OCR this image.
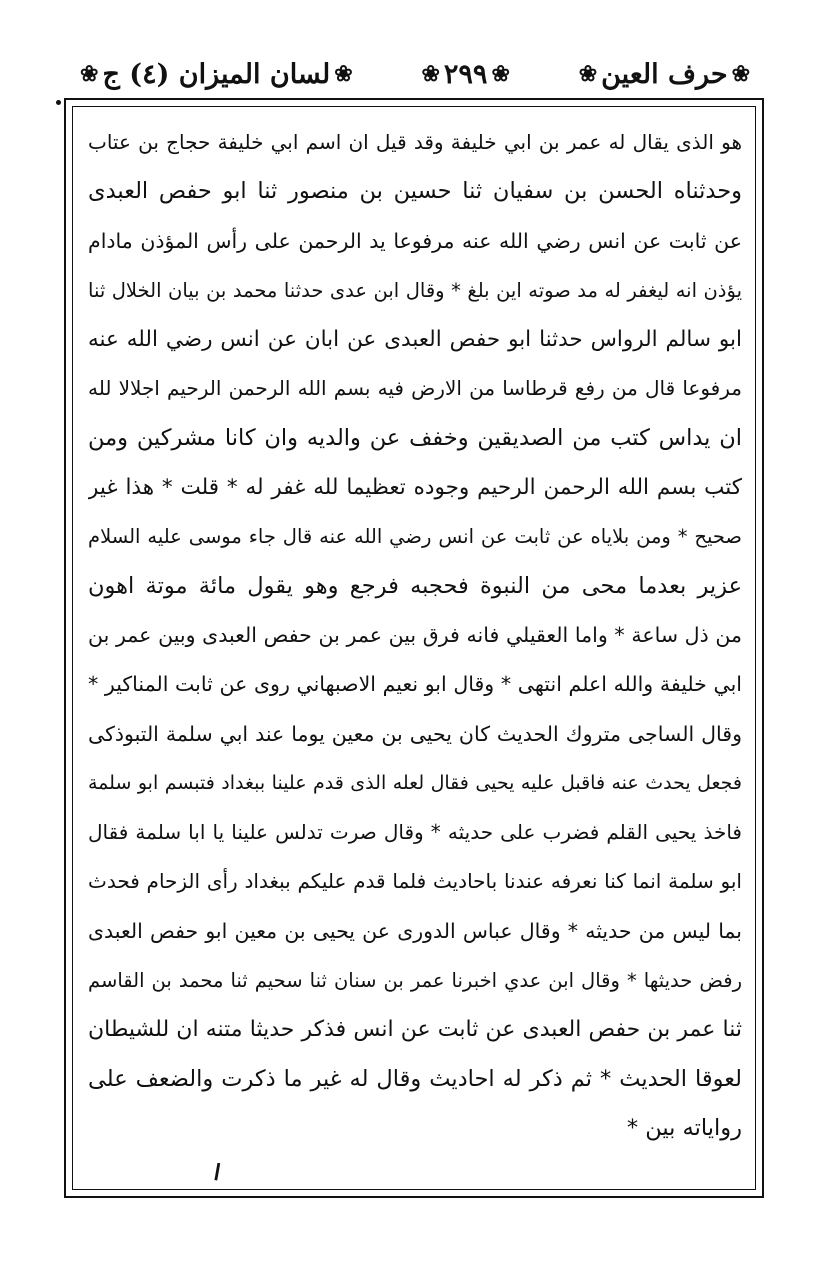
❀
حرف العين
❀
❀
٢٩٩
❀
❀
لسان الميزان (٤) ج
❀
هو الذى يقال له عمر بن ابي خليفة وقد قيل ان اسم ابي خليفة حجاج بن عتاب
وحدثناه الحسن بن سفيان ثنا حسين بن منصور ثنا ابو حفص العبدى
عن ثابت عن انس رضي الله عنه مرفوعا يد الرحمن على رأس المؤذن مادام
يؤذن انه ليغفر له مد صوته اين بلغ * وقال ابن عدى حدثنا محمد بن بيان الخلال ثنا
ابو سالم الرواس حدثنا ابو حفص العبدى عن ابان عن انس رضي الله عنه
مرفوعا قال من رفع قرطاسا من الارض فيه بسم الله الرحمن الرحيم اجلالا لله
ان يداس كتب من الصديقين وخفف عن والديه وان كانا مشركين ومن
كتب بسم الله الرحمن الرحيم وجوده تعظيما لله غفر له * قلت * هذا غير
صحيح * ومن بلاياه عن ثابت عن انس رضي الله عنه قال جاء موسى عليه السلام
عزير بعدما محى من النبوة فحجبه فرجع وهو يقول مائة موتة اهون
من ذل ساعة * واما العقيلي فانه فرق بين عمر بن حفص العبدى وبين عمر بن
ابي خليفة والله اعلم انتهى * وقال ابو نعيم الاصبهاني روى عن ثابت المناكير *
وقال الساجى متروك الحديث كان يحيى بن معين يوما عند ابي سلمة التبوذكى
فجعل يحدث عنه فاقبل عليه يحيى فقال لعله الذى قدم علينا ببغداد فتبسم ابو سلمة
فاخذ يحيى القلم فضرب على حديثه * وقال صرت تدلس علينا يا ابا سلمة فقال
ابو سلمة انما كنا نعرفه عندنا باحاديث فلما قدم عليكم ببغداد رأى الزحام فحدث
بما ليس من حديثه * وقال عباس الدورى عن يحيى بن معين ابو حفص العبدى
رفض حديثها * وقال ابن عدي اخبرنا عمر بن سنان ثنا سحيم ثنا محمد بن القاسم
ثنا عمر بن حفص العبدى عن ثابت عن انس فذكر حديثا متنه ان للشيطان
لعوقا الحديث * ثم ذكر له احاديث وقال له غير ما ذكرت والضعف على
رواياته بين *
ا
